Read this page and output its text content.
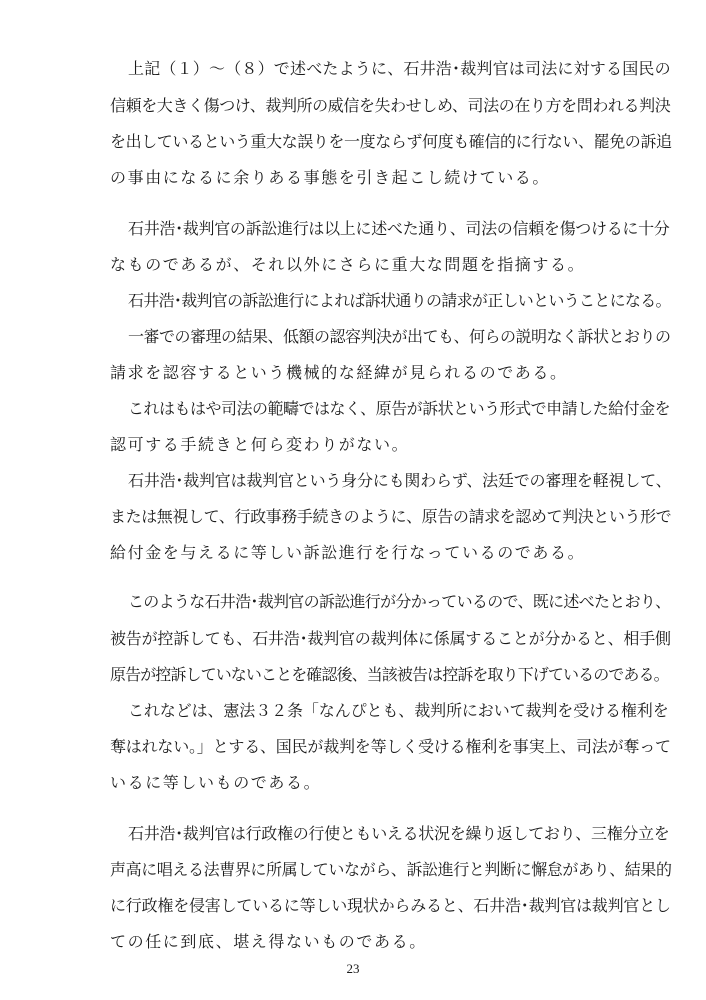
上記（１）～（８）で述べたように、石井浩･裁判官は司法に対する国民の

信頼を大きく傷つけ、裁判所の威信を失わせしめ、司法の在り方を問われる判決

を出しているという重大な誤りを一度ならず何度も確信的に行ない、罷免の訴追

の事由になるに余りある事態を引き起こし続けている。

石井浩･裁判官の訴訟進行は以上に述べた通り、司法の信頼を傷つけるに十分

なものであるが、それ以外にさらに重大な問題を指摘する。

石井浩･裁判官の訴訟進行によれば訴状通りの請求が正しいということになる。

一審での審理の結果、低額の認容判決が出ても、何らの説明なく訴状とおりの

請求を認容するという機械的な経緯が見られるのである。

これはもはや司法の範疇ではなく、原告が訴状という形式で申請した給付金を

認可する手続きと何ら変わりがない。

石井浩･裁判官は裁判官という身分にも関わらず、法廷での審理を軽視して、

または無視して、行政事務手続きのように、原告の請求を認めて判決という形で

給付金を与えるに等しい訴訟進行を行なっているのである。

このような石井浩･裁判官の訴訟進行が分かっているので、既に述べたとおり、

被告が控訴しても、石井浩･裁判官の裁判体に係属することが分かると、相手側

原告が控訴していないことを確認後、当該被告は控訴を取り下げているのである。

これなどは、憲法３２条「なんぴとも、裁判所において裁判を受ける権利を

奪はれない。」とする、国民が裁判を等しく受ける権利を事実上、司法が奪って

いるに等しいものである。

石井浩･裁判官は行政権の行使ともいえる状況を繰り返しており、三権分立を

声高に唱える法曹界に所属していながら、訴訟進行と判断に懈怠があり、結果的

に行政権を侵害しているに等しい現状からみると、石井浩･裁判官は裁判官とし

ての任に到底、堪え得ないものである。

23
